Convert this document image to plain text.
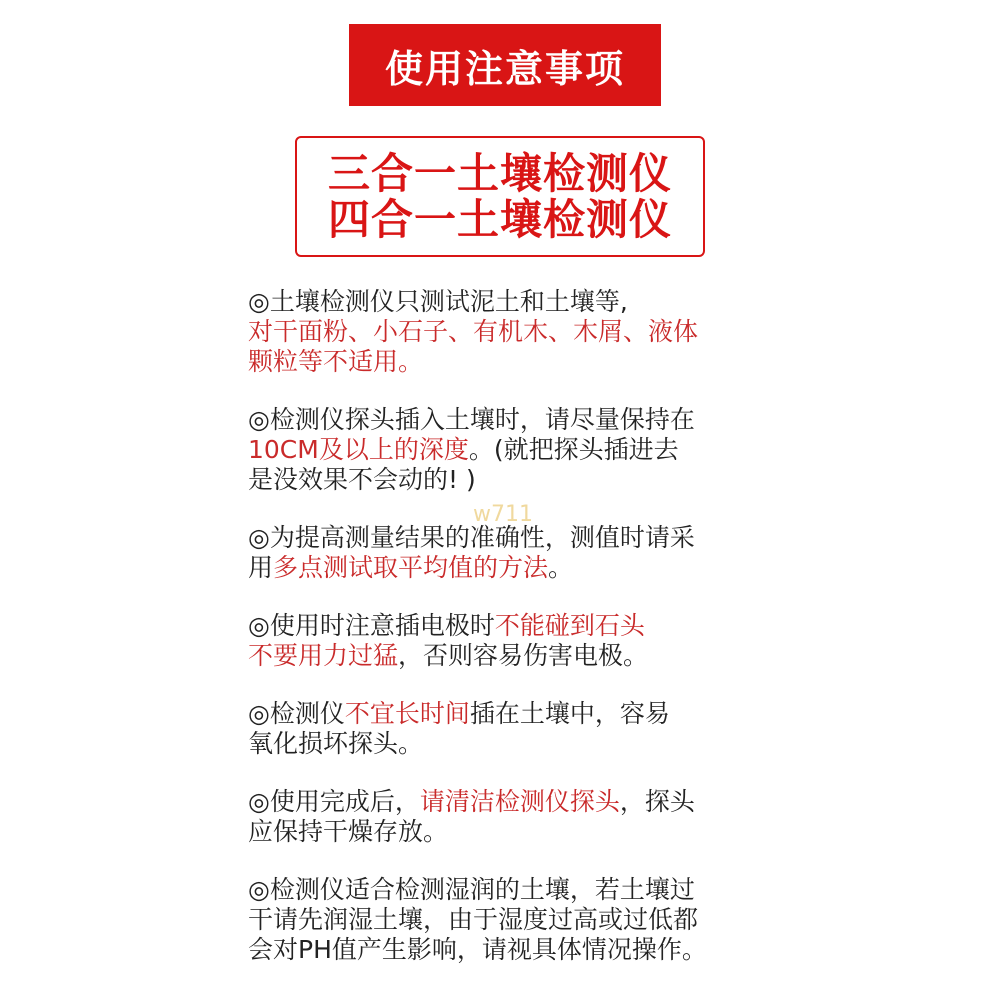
使用注意事项
三合一土壤检测仪
四合一土壤检测仪
◎土壤检测仪只测试泥土和土壤等,
对干面粉、小石子、有机木、木屑、液体
颗粒等不适用。
◎检测仪探头插入土壤时，请尽量保持在
10CM及以上的深度。(就把探头插进去
是没效果不会动的! )
◎为提高测量结果的准确性，测值时请采
用多点测试取平均值的方法。
◎使用时注意插电极时不能碰到石头
不要用力过猛，否则容易伤害电极。
◎检测仪不宜长时间插在土壤中，容易
氧化损坏探头。
◎使用完成后，请清洁检测仪探头，探头
应保持干燥存放。
◎检测仪适合检测湿润的土壤，若土壤过
干请先润湿土壤，由于湿度过高或过低都
会对PH值产生影响，请视具体情况操作。
w711
